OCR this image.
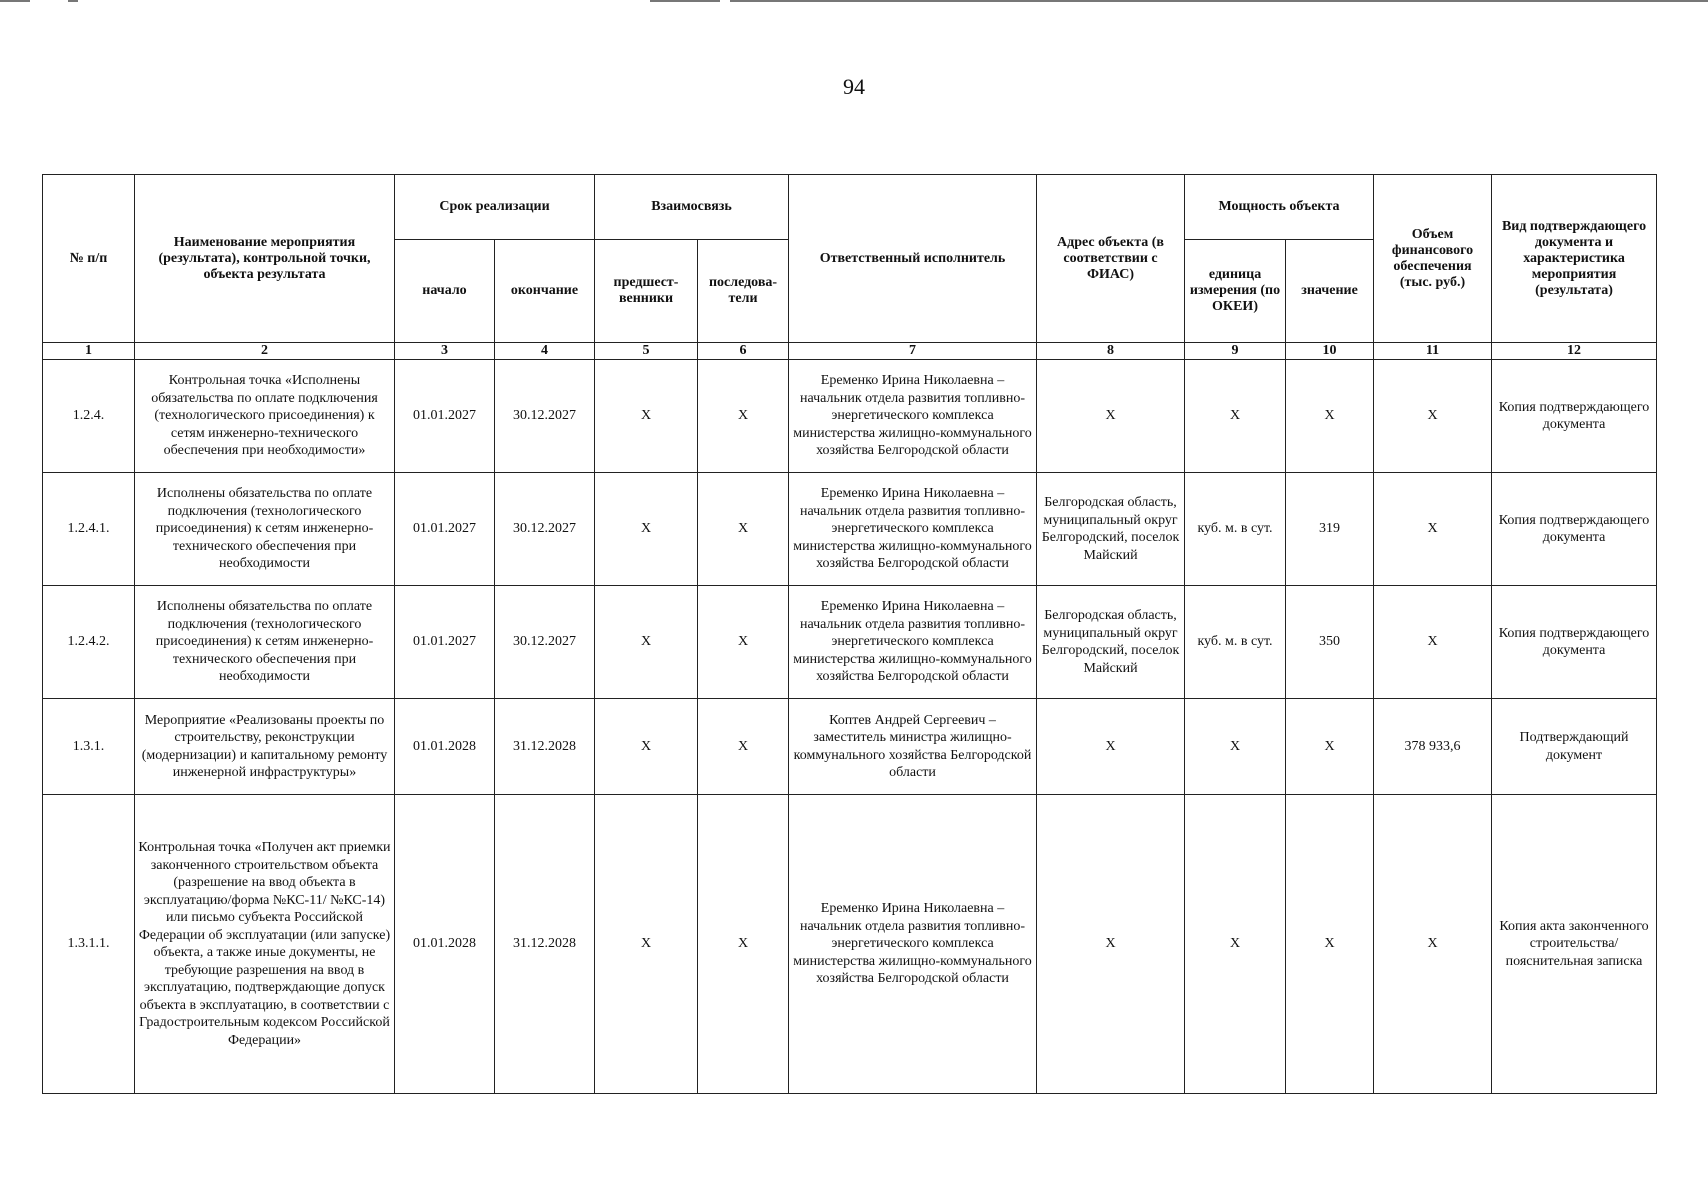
94
№ п/п	Наименование мероприятия (результата), контрольной точки, объекта результата	Срок реализации		Взаимосвязь		Ответственный исполнитель	Адрес объекта (в соответствии с ФИАС)	Мощность объекта		Объем финансового обеспечения (тыс. руб.)	Вид подтверждающего документа и характеристика мероприятия (результата)
		начало	окончание	предшест-венники	последова-тели			единица измерения (по ОКЕИ)	значение		
1	2	3	4	5	6	7	8	9	10	11	12
1.2.4.	Контрольная точка «Исполнены обязательства по оплате подключения (технологического присоединения) к сетям инженерно-технического обеспечения при необходимости»	01.01.2027	30.12.2027	X	X	Еременко Ирина Николаевна – начальник отдела развития топливно-энергетического комплекса министерства жилищно-коммунального хозяйства Белгородской области	X	X	X	X	Копия подтверждающего документа
1.2.4.1.	Исполнены обязательства по оплате подключения (технологического присоединения) к сетям инженерно-технического обеспечения при необходимости	01.01.2027	30.12.2027	X	X	Еременко Ирина Николаевна – начальник отдела развития топливно-энергетического комплекса министерства жилищно-коммунального хозяйства Белгородской области	Белгородская область, муниципальный округ Белгородский, поселок Майский	куб. м. в сут.	319	X	Копия подтверждающего документа
1.2.4.2.	Исполнены обязательства по оплате подключения (технологического присоединения) к сетям инженерно-технического обеспечения при необходимости	01.01.2027	30.12.2027	X	X	Еременко Ирина Николаевна – начальник отдела развития топливно-энергетического комплекса министерства жилищно-коммунального хозяйства Белгородской области	Белгородская область, муниципальный округ Белгородский, поселок Майский	куб. м. в сут.	350	X	Копия подтверждающего документа
1.3.1.	Мероприятие «Реализованы проекты по строительству, реконструкции (модернизации) и капитальному ремонту инженерной инфраструктуры»	01.01.2028	31.12.2028	X	X	Коптев Андрей Сергеевич – заместитель министра жилищно-коммунального хозяйства Белгородской области	X	X	X	378 933,6	Подтверждающий документ
1.3.1.1.	Контрольная точка «Получен акт приемки законченного строительством объекта (разрешение на ввод объекта в эксплуатацию/форма №КС-11/ №КС-14) или письмо субъекта Российской Федерации об эксплуатации (или запуске) объекта, а также иные документы, не требующие разрешения на ввод в эксплуатацию, подтверждающие допуск объекта в эксплуатацию, в соответствии с Градостроительным кодексом Российской Федерации»	01.01.2028	31.12.2028	X	X	Еременко Ирина Николаевна – начальник отдела развития топливно-энергетического комплекса министерства жилищно-коммунального хозяйства Белгородской области	X	X	X	X	Копия акта законченного строительства/ пояснительная записка
